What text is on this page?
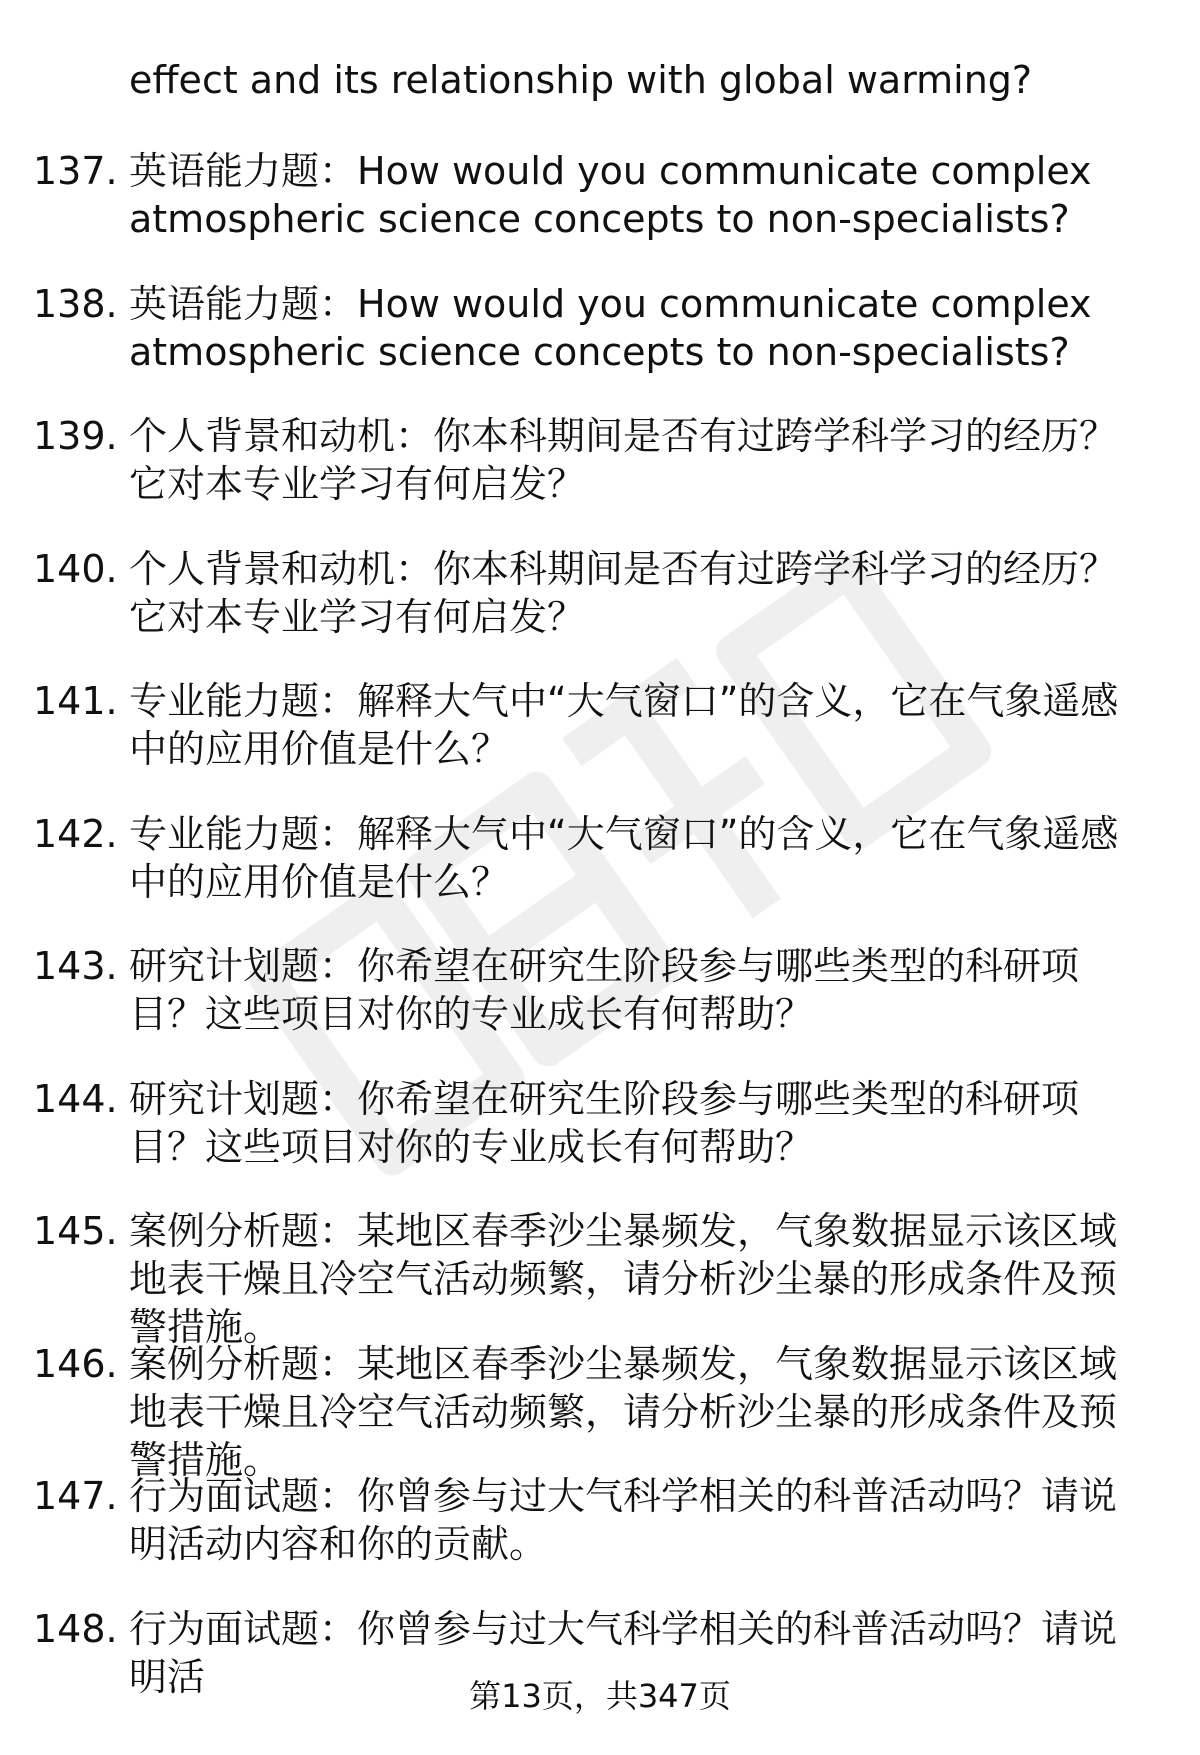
effect and its relationship with global warming?
137. 英语能力题：How would you communicate complex atmospheric science concepts to non-specialists?
138. 英语能力题：How would you communicate complex atmospheric science concepts to non-specialists?
139. 个人背景和动机：你本科期间是否有过跨学科学习的经历？它对本专业学习有何启发？
140. 个人背景和动机：你本科期间是否有过跨学科学习的经历？它对本专业学习有何启发？
141. 专业能力题：解释大气中“大气窗口”的含义，它在气象遥感中的应用价值是什么？
142. 专业能力题：解释大气中“大气窗口”的含义，它在气象遥感中的应用价值是什么？
143. 研究计划题：你希望在研究生阶段参与哪些类型的科研项目？这些项目对你的专业成长有何帮助？
144. 研究计划题：你希望在研究生阶段参与哪些类型的科研项目？这些项目对你的专业成长有何帮助？
145. 案例分析题：某地区春季沙尘暴频发，气象数据显示该区域地表干燥且冷空气活动频繁，请分析沙尘暴的形成条件及预警措施。
146. 案例分析题：某地区春季沙尘暴频发，气象数据显示该区域地表干燥且冷空气活动频繁，请分析沙尘暴的形成条件及预警措施。
147. 行为面试题：你曾参与过大气科学相关的科普活动吗？请说明活动内容和你的贡献。
148. 行为面试题：你曾参与过大气科学相关的科普活动吗？请说明活	第13页，共347页
